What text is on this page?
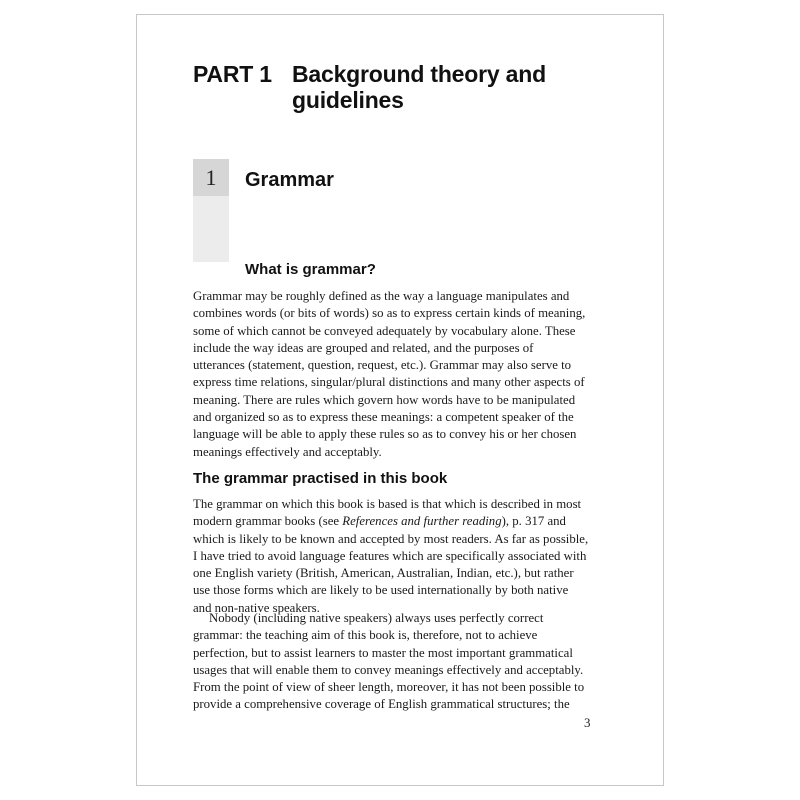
PART 1 Background theory and guidelines
1	Grammar
What is grammar?
Grammar may be roughly defined as the way a language manipulates and
combines words (or bits of words) so as to express certain kinds of meaning,
some of which cannot be conveyed adequately by vocabulary alone. These
include the way ideas are grouped and related, and the purposes of
utterances (statement, question, request, etc.). Grammar may also serve to
express time relations, singular/plural distinctions and many other aspects of
meaning. There are rules which govern how words have to be manipulated
and organized so as to express these meanings: a competent speaker of the
language will be able to apply these rules so as to convey his or her chosen
meanings effectively and acceptably.
The grammar practised in this book
The grammar on which this book is based is that which is described in most
modern grammar books (see References and further reading), p. 317 and
which is likely to be known and accepted by most readers. As far as possible,
I have tried to avoid language features which are specifically associated with
one English variety (British, American, Australian, Indian, etc.), but rather
use those forms which are likely to be used internationally by both native
and non-native speakers.
Nobody (including native speakers) always uses perfectly correct
grammar: the teaching aim of this book is, therefore, not to achieve
perfection, but to assist learners to master the most important grammatical
usages that will enable them to convey meanings effectively and acceptably.
From the point of view of sheer length, moreover, it has not been possible to
provide a comprehensive coverage of English grammatical structures; the
3
